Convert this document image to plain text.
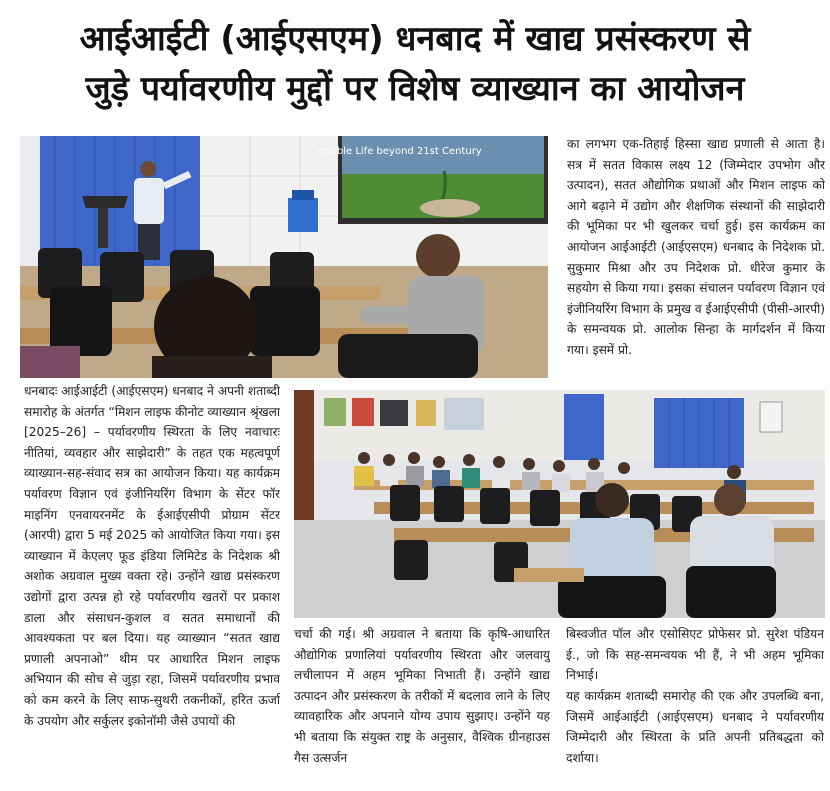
आईआईटी (आईएसएम) धनबाद में खाद्य प्रसंस्करण से
जुड़े पर्यावरणीय मुद्दों पर विशेष व्याख्यान का आयोजन
enable Life beyond 21st Century
का लगभग एक-तिहाई हिस्सा खाद्य प्रणाली से आता है। सत्र में सतत विकास लक्ष्य 12 (जिम्मेदार उपभोग और उत्पादन), सतत औद्योगिक प्रथाओं और मिशन लाइफ को आगे बढ़ाने में उद्योग और शैक्षणिक संस्थानों की साझेदारी की भूमिका पर भी खुलकर चर्चा हुई। इस कार्यक्रम का आयोजन आईआईटी (आईएसएम) धनबाद के निदेशक प्रो. सुकुमार मिश्रा और उप निदेशक प्रो. धीरेज कुमार के सहयोग से किया गया। इसका संचालन पर्यावरण विज्ञान एवं इंजीनियरिंग विभाग के प्रमुख व ईआईएसीपी (पीसी-आरपी) के समन्वयक प्रो. आलोक सिन्हा के मार्गदर्शन में किया गया। इसमें प्रो.
धनबादः आईआईटी (आईएसएम) धनबाद ने अपनी शताब्दी समारोह के अंतर्गत “मिशन लाइफ कीनोट व्याख्यान श्रृंखला [2025–26] – पर्यावरणीय स्थिरता के लिए नवाचारः नीतियां, व्यवहार और साझेदारी” के तहत एक महत्वपूर्ण व्याख्यान-सह-संवाद सत्र का आयोजन किया। यह कार्यक्रम पर्यावरण विज्ञान एवं इंजीनियरिंग विभाग के सेंटर फॉर माइनिंग एनवायरनमेंट के ईआईएसीपी प्रोग्राम सेंटर (आरपी) द्वारा 5 मई 2025 को आयोजित किया गया। इस व्याख्यान में केएलए फूड इंडिया लिमिटेड के निदेशक श्री अशोक अग्रवाल मुख्य वक्ता रहे। उन्होंने खाद्य प्रसंस्करण उद्योगों द्वारा उत्पन्न हो रहे पर्यावरणीय खतरों पर प्रकाश डाला और संसाधन-कुशल व सतत समाधानों की आवश्यकता पर बल दिया। यह व्याख्यान “सतत खाद्य प्रणाली अपनाओ” थीम पर आधारित मिशन लाइफ अभियान की सोच से जुड़ा रहा, जिसमें पर्यावरणीय प्रभाव को कम करने के लिए साफ-सुथरी तकनीकों, हरित ऊर्जा के उपयोग और सर्कुलर इकोनॉमी जैसे उपायों की
चर्चा की गई। श्री अग्रवाल ने बताया कि कृषि-आधारित औद्योगिक प्रणालियां पर्यावरणीय स्थिरता और जलवायु लचीलापन में अहम भूमिका निभाती हैं। उन्होंने खाद्य उत्पादन और प्रसंस्करण के तरीकों में बदलाव लाने के लिए व्यावहारिक और अपनाने योग्य उपाय सुझाए। उन्होंने यह भी बताया कि संयुक्त राष्ट्र के अनुसार, वैश्विक ग्रीनहाउस गैस उत्सर्जन
बिस्वजीत पॉल और एसोसिएट प्रोफेसर प्रो. सुरेश पंडियन ई., जो कि सह-समन्वयक भी हैं, ने भी अहम भूमिका निभाई।
यह कार्यक्रम शताब्दी समारोह की एक और उपलब्धि बना, जिसमें आईआईटी (आईएसएम) धनबाद ने पर्यावरणीय जिम्मेदारी और स्थिरता के प्रति अपनी प्रतिबद्धता को दर्शाया।
